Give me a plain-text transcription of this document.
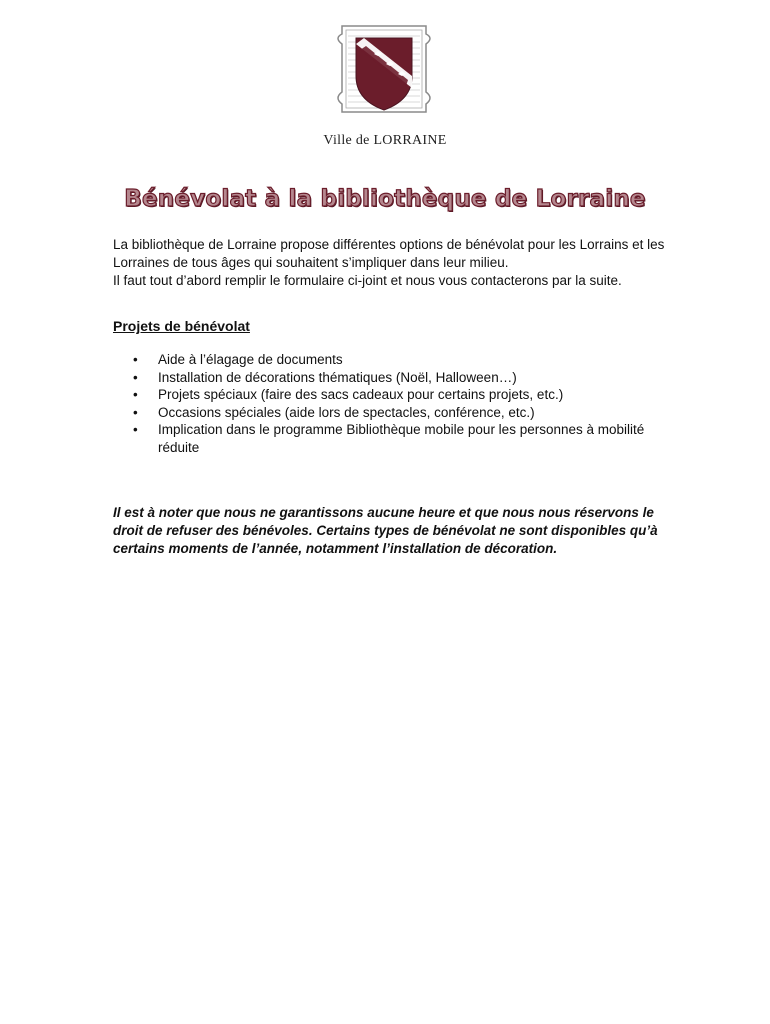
Ville de LORRAINE
Bénévolat à la bibliothèque de Lorraine

La bibliothèque de Lorraine propose différentes options de bénévolat pour les Lorrains et les Lorraines de tous âges qui souhaitent s’impliquer dans leur milieu.

Il faut tout d’abord remplir le formulaire ci-joint et nous vous contacterons par la suite.

Projets de bénévolat
• Aide à l’élagage de documents
• Installation de décorations thématiques (Noël, Halloween…)
• Projets spéciaux (faire des sacs cadeaux pour certains projets, etc.)
• Occasions spéciales (aide lors de spectacles, conférence, etc.)
• Implication dans le programme Bibliothèque mobile pour les personnes à mobilité réduite
Il est à noter que nous ne garantissons aucune heure et que nous nous réservons le droit de refuser des bénévoles. Certains types de bénévolat ne sont disponibles qu’à certains moments de l’année, notamment l’installation de décoration.
